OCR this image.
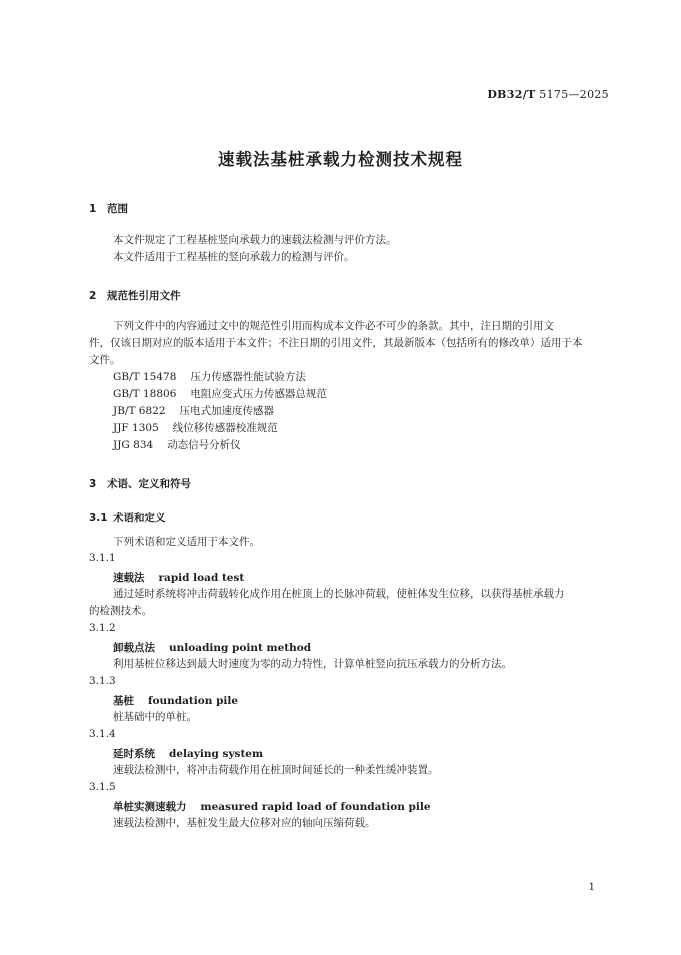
DB32/T 5175—2025
速载法基桩承载力检测技术规程
1 范围
本文件规定了工程基桩竖向承载力的速载法检测与评价方法。
本文件适用于工程基桩的竖向承载力的检测与评价。
2 规范性引用文件
下列文件中的内容通过文中的规范性引用而构成本文件必不可少的条款。其中，注日期的引用文
件，仅该日期对应的版本适用于本文件；不注日期的引用文件，其最新版本（包括所有的修改单）适用于本
文件。
GB/T 15478 压力传感器性能试验方法
GB/T 18806 电阻应变式压力传感器总规范
JB/T 6822 压电式加速度传感器
JJF 1305 线位移传感器校准规范
JJG 834 动态信号分析仪
3 术语、定义和符号
3.1 术语和定义
下列术语和定义适用于本文件。
3.1.1
速载法 rapid load test
通过延时系统将冲击荷载转化成作用在桩顶上的长脉冲荷载，使桩体发生位移，以获得基桩承载力
的检测技术。
3.1.2
卸载点法 unloading point method
利用基桩位移达到最大时速度为零的动力特性，计算单桩竖向抗压承载力的分析方法。
3.1.3
基桩 foundation pile
桩基础中的单桩。
3.1.4
延时系统 delaying system
速载法检测中，将冲击荷载作用在桩顶时间延长的一种柔性缓冲装置。
3.1.5
单桩实测速载力 measured rapid load of foundation pile
速载法检测中，基桩发生最大位移对应的轴向压缩荷载。
1
